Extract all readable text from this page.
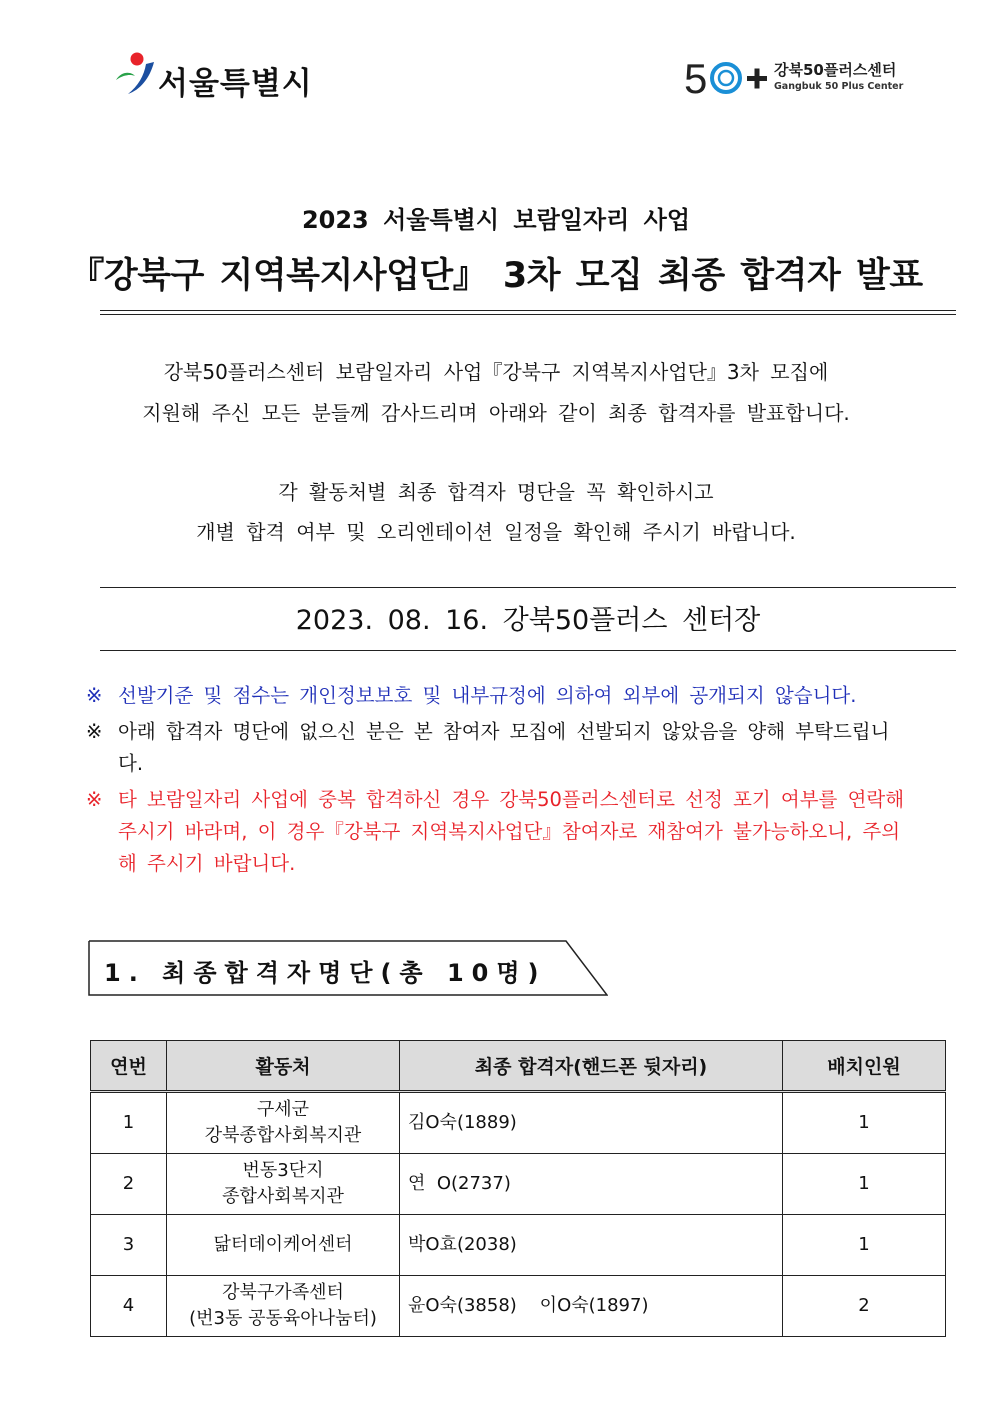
서울특별시	5	강북50플러스센터
Gangbuk 50 Plus Center
2023 서울특별시 보람일자리 사업
『강북구 지역복지사업단』 3차 모집 최종 합격자 발표
강북50플러스센터 보람일자리 사업『강북구 지역복지사업단』3차 모집에
지원해 주신 모든 분들께 감사드리며 아래와 같이 최종 합격자를 발표합니다.
각 활동처별 최종 합격자 명단을 꼭 확인하시고
개별 합격 여부 및 오리엔테이션 일정을 확인해 주시기 바랍니다.
2023. 08. 16. 강북50플러스 센터장
※ 선발기준 및 점수는 개인정보보호 및 내부규정에 의하여 외부에 공개되지 않습니다.
※ 아래 합격자 명단에 없으신 분은 본 참여자 모집에 선발되지 않았음을 양해 부탁드립니
다.
※ 타 보람일자리 사업에 중복 합격하신 경우 강북50플러스센터로 선정 포기 여부를 연락해
주시기 바라며, 이 경우『강북구 지역복지사업단』참여자로 재참여가 불가능하오니, 주의
해 주시기 바랍니다.
1. 최종합격자명단(총 10명)
연번	활동처	최종 합격자(핸드폰 뒷자리)	배치인원
1	구세군
강북종합사회복지관	김O숙(1889)	1
2	번동3단지
종합사회복지관	연  O(2737)	1
3	닮터데이케어센터	박O효(2038)	1
4	강북구가족센터
(번3동 공동육아나눔터)	윤O숙(3858)    이O숙(1897)	2
